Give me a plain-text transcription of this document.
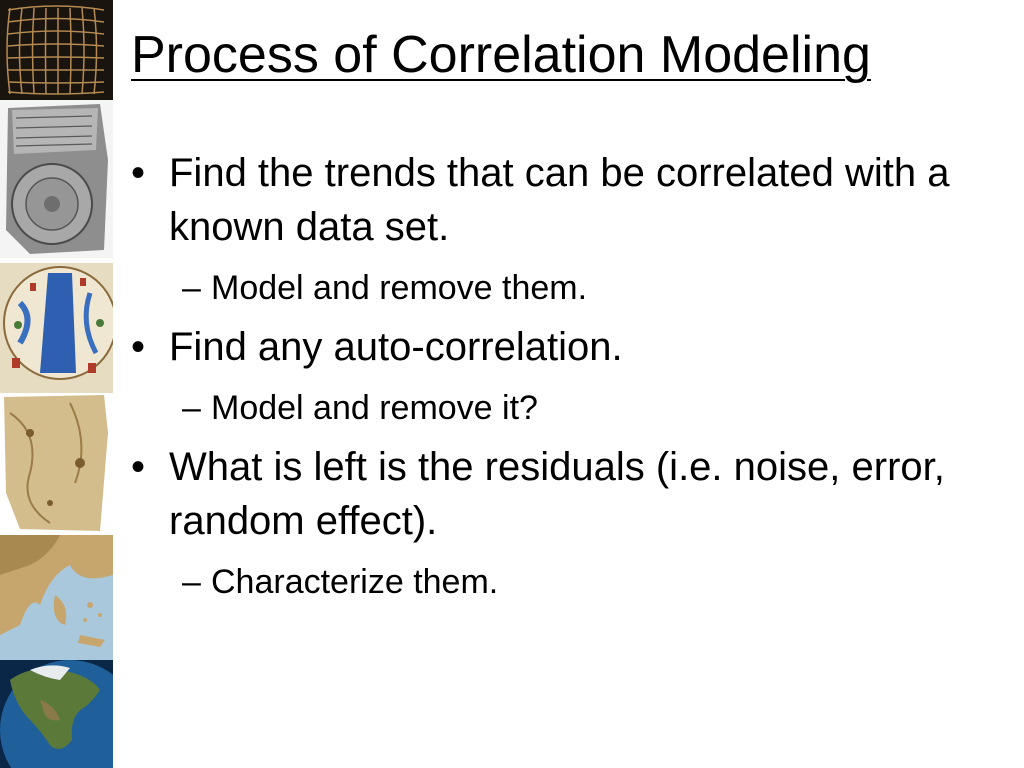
Process of Correlation Modeling
• Find the trends that can be correlated with a known data set.
– Model and remove them.
• Find any auto-correlation.
– Model and remove it?
• What is left is the residuals (i.e. noise, error, random effect).
– Characterize them.
